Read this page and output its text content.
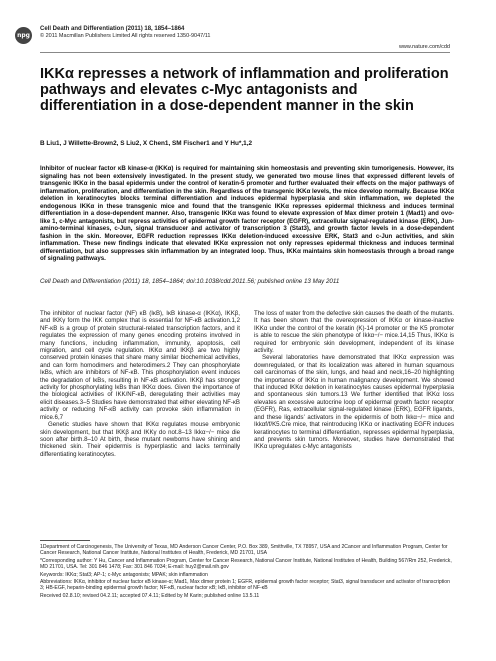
npg
Cell Death and Differentiation (2011) 18, 1854–1864
© 2011 Macmillan Publishers Limited All rights reserved 1350-9047/11
www.nature.com/cdd
IKKα represses a network of inflammation and proliferation pathways and elevates c-Myc antagonists and differentiation in a dose-dependent manner in the skin
B Liu1, J Willette-Brown2, S Liu2, X Chen1, SM Fischer1 and Y Hu*,1,2

Inhibitor of nuclear factor κB kinase-α (IKKα) is required for maintaining skin homeostasis and preventing skin tumorigenesis. However, its signaling has not been extensively investigated. In the present study, we generated two mouse lines that expressed different levels of transgenic IKKα in the basal epidermis under the control of keratin-5 promoter and further evaluated their effects on the major pathways of inflammation, proliferation, and differentiation in the skin. Regardless of the transgenic IKKα levels, the mice develop normally. Because IKKα deletion in keratinocytes blocks terminal differentiation and induces epidermal hyperplasia and skin inflammation, we depleted the endogenous IKKα in these transgenic mice and found that the transgenic IKKα represses epidermal thickness and induces terminal differentiation in a dose-dependent manner. Also, transgenic IKKα was found to elevate expression of Max dimer protein 1 (Mad1) and ovo-like 1, c-Myc antagonists, but repress activities of epidermal growth factor receptor (EGFR), extracellular signal-regulated kinase (ERK), Jun-amino-terminal kinases, c-Jun, signal transducer and activator of transcription 3 (Stat3), and growth factor levels in a dose-dependent fashion in the skin. Moreover, EGFR reduction represses IKKα deletion-induced excessive ERK, Stat3 and c-Jun activities, and skin inflammation. These new findings indicate that elevated IKKα expression not only represses epidermal thickness and induces terminal differentiation, but also suppresses skin inflammation by an integrated loop. Thus, IKKα maintains skin homeostasis through a broad range of signaling pathways.

Cell Death and Differentiation (2011) 18, 1854–1864; doi:10.1038/cdd.2011.56; published online 13 May 2011

The inhibitor of nuclear factor (NF) κB (IκB), IκB kinase-α (IKKα), IKKβ, and IKKγ form the IKK complex that is essential for NF-κB activation.1,2 NF-κB is a group of protein structural-related transcription factors, and it regulates the expression of many genes encoding proteins involved in many functions, including inflammation, immunity, apoptosis, cell migration, and cell cycle regulation. IKKα and IKKβ are two highly conserved protein kinases that share many similar biochemical activities, and can form homodimers and heterodimers.2 They can phosphorylate IκBs, which are inhibitors of NF-κB. This phosphorylation event induces the degradation of IκBs, resulting in NF-κB activation. IKKβ has stronger activity for phosphorylating IκBs than IKKα does. Given the importance of the biological activities of IKK/NF-κB, deregulating their activities may elicit diseases.3–5 Studies have demonstrated that either elevating NF-κB activity or reducing NF-κB activity can provoke skin inflammation in mice.6,7

Genetic studies have shown that IKKα regulates mouse embryonic skin development, but that IKKβ and IKKγ do not.8–13 Ikkα−/− mice die soon after birth.8–10 At birth, these mutant newborns have shining and thickened skin. Their epidermis is hyperplastic and lacks terminally differentiating keratinocytes.

The loss of water from the defective skin causes the death of the mutants. It has been shown that the overexpression of IKKα or kinase-inactive IKKα under the control of the keratin (K)-14 promoter or the K5 promoter is able to rescue the skin phenotype of Ikkα−/− mice.14,15 Thus, IKKα is required for embryonic skin development, independent of its kinase activity.

Several laboratories have demonstrated that IKKα expression was downregulated, or that its localization was altered in human squamous cell carcinomas of the skin, lungs, and head and neck,16–20 highlighting the importance of IKKα in human malignancy development. We showed that induced IKKα deletion in keratinocytes causes epidermal hyperplasia and spontaneous skin tumors.13 We further identified that IKKα loss elevates an excessive autocrine loop of epidermal growth factor receptor (EGFR), Ras, extracellular signal-regulated kinase (ERK), EGFR ligands, and these ligands' activators in the epidermis of both Ikkα−/− mice and Ikkαf/f/K5.Cre mice, that reintroducing IKKα or inactivating EGFR induces keratinocytes to terminal differentiation, represses epidermal hyperplasia, and prevents skin tumors. Moreover, studies have demonstrated that IKKα upregulates c-Myc antagonists

1Department of Carcinogenesis, The University of Texas, MD Anderson Cancer Center, P.O. Box 389, Smithville, TX 78957, USA and 2Cancer and Inflammation Program, Center for Cancer Research, National Cancer Institute, National Institutes of Health, Frederick, MD 21701, USA

*Corresponding author: Y Hu, Cancer and Inflammation Program, Center for Cancer Research, National Cancer Institute, National Institutes of Health, Building 567/Rm 252, Frederick, MD 21701, USA. Tel: 301 846 1478; Fax: 301 846 7034; E-mail: huy2@mail.nih.gov

Keywords: IKKα; Stat3; AP-1; c-Myc antagonists; MPAK; skin inflammation

Abbreviations: IKKα, inhibitor of nuclear factor κB kinase-α; Mad1, Max dimer protein 1; EGFR, epidermal growth factor receptor; Stat3, signal transducer and activator of transcription 3; HB-EGF, heparin-binding epidermal growth factor; NF-κB, nuclear factor κB; IκB, inhibitor of NF-κB

Received 02.8.10; revised 04.2.11; accepted 07.4.11; Edited by M Karin; published online 13.5.11
